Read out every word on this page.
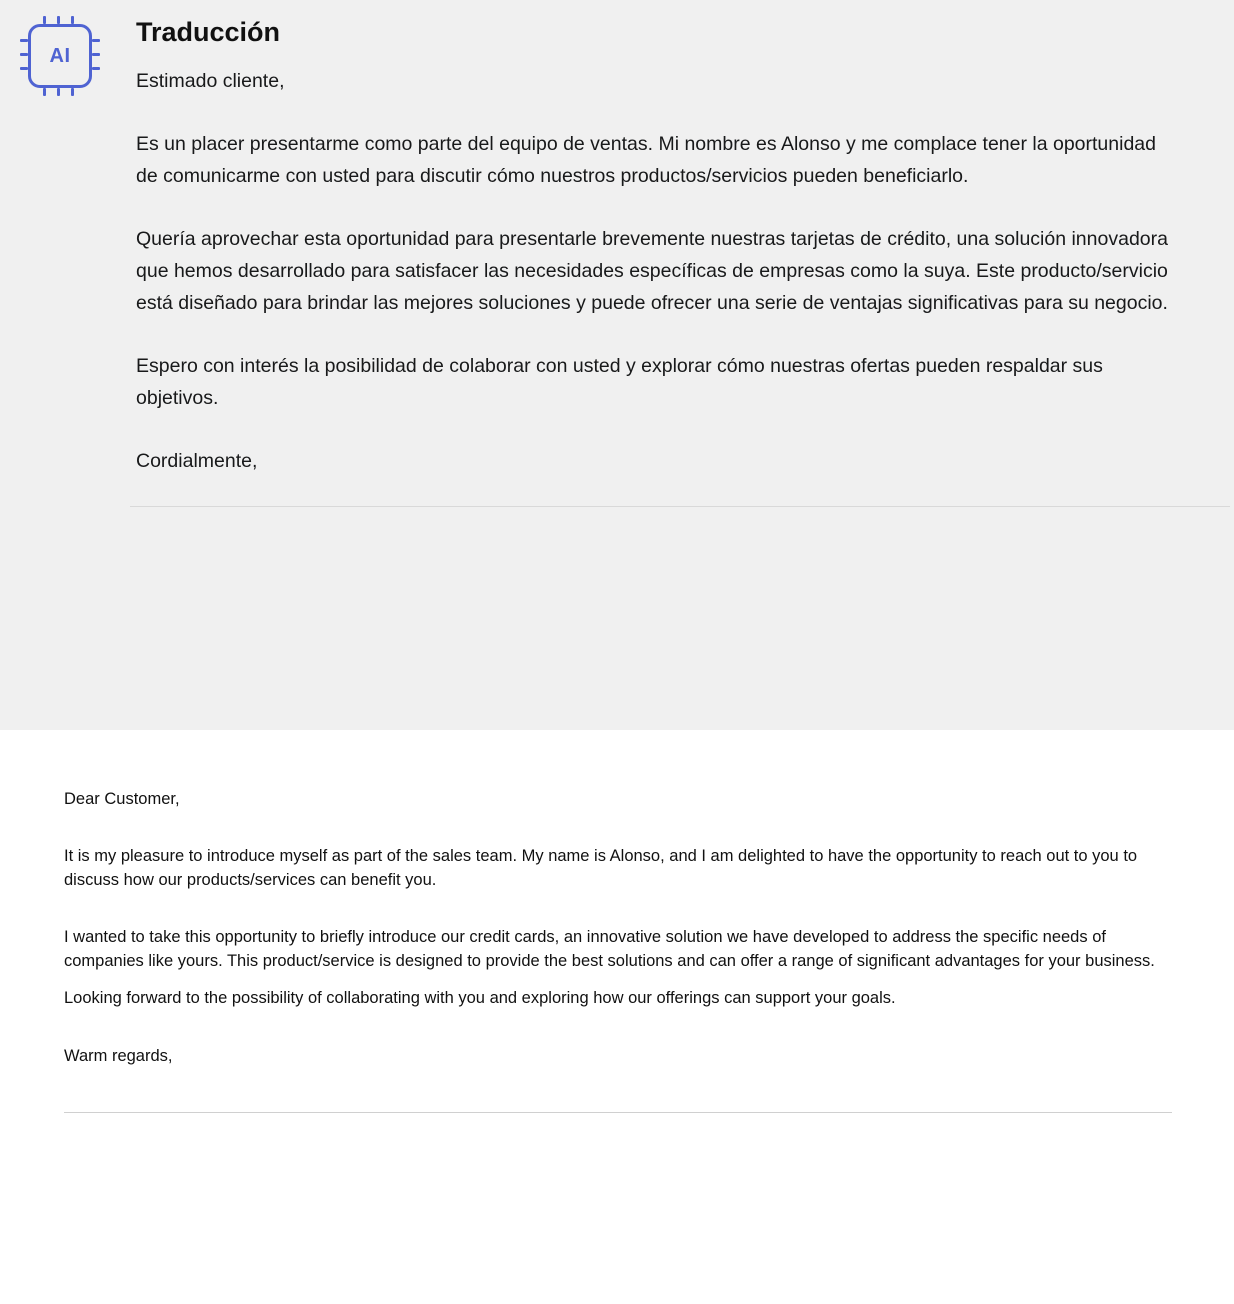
AI
Traducción

Estimado cliente,

Es un placer presentarme como parte del equipo de ventas. Mi nombre es Alonso y me complace tener la oportunidad de comunicarme con usted para discutir cómo nuestros productos/servicios pueden beneficiarlo.

Quería aprovechar esta oportunidad para presentarle brevemente nuestras tarjetas de crédito, una solución innovadora que hemos desarrollado para satisfacer las necesidades específicas de empresas como la suya. Este producto/servicio está diseñado para brindar las mejores soluciones y puede ofrecer una serie de ventajas significativas para su negocio.

Espero con interés la posibilidad de colaborar con usted y explorar cómo nuestras ofertas pueden respaldar sus objetivos.

Cordialmente,

Dear Customer,

It is my pleasure to introduce myself as part of the sales team. My name is Alonso, and I am delighted to have the opportunity to reach out to you to discuss how our products/services can benefit you.

I wanted to take this opportunity to briefly introduce our credit cards, an innovative solution we have developed to address the specific needs of companies like yours. This product/service is designed to provide the best solutions and can offer a range of significant advantages for your business.

Looking forward to the possibility of collaborating with you and exploring how our offerings can support your goals.

Warm regards,
